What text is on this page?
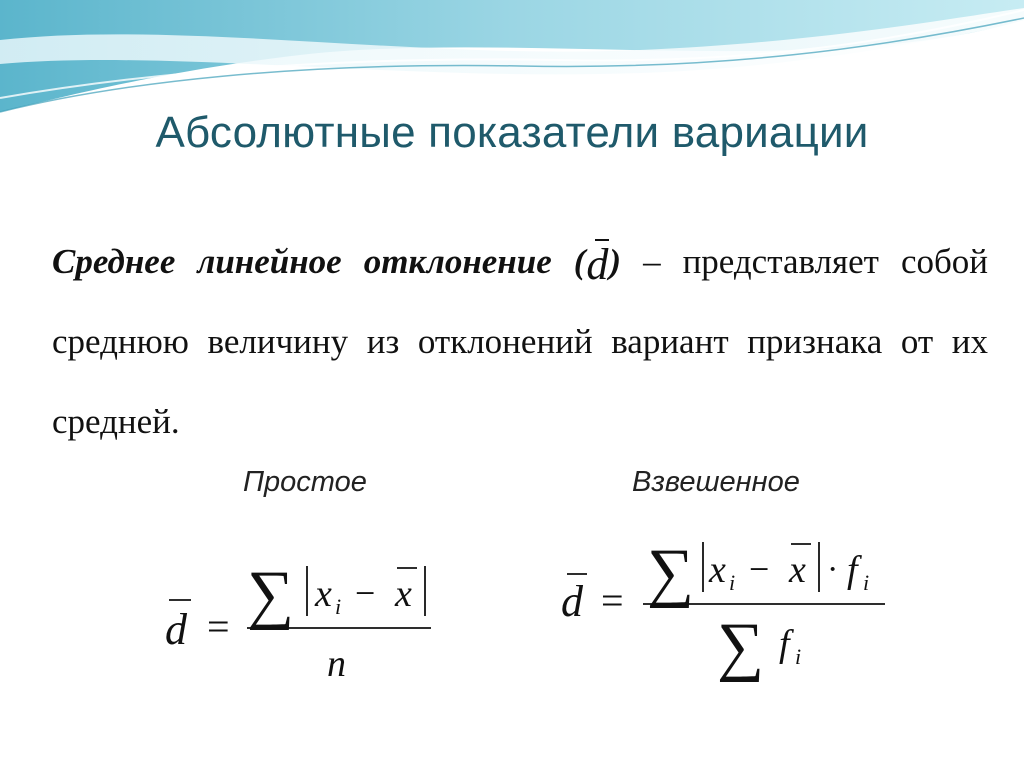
Абсолютные показатели вариации
Среднее линейное отклонение (d) – представляет собой среднюю величину из отклонений вариант признака от их средней.
Простое	Взвешенное
d = ∑ x i − x
n
d = ∑ x i − x · f i
∑ f i
